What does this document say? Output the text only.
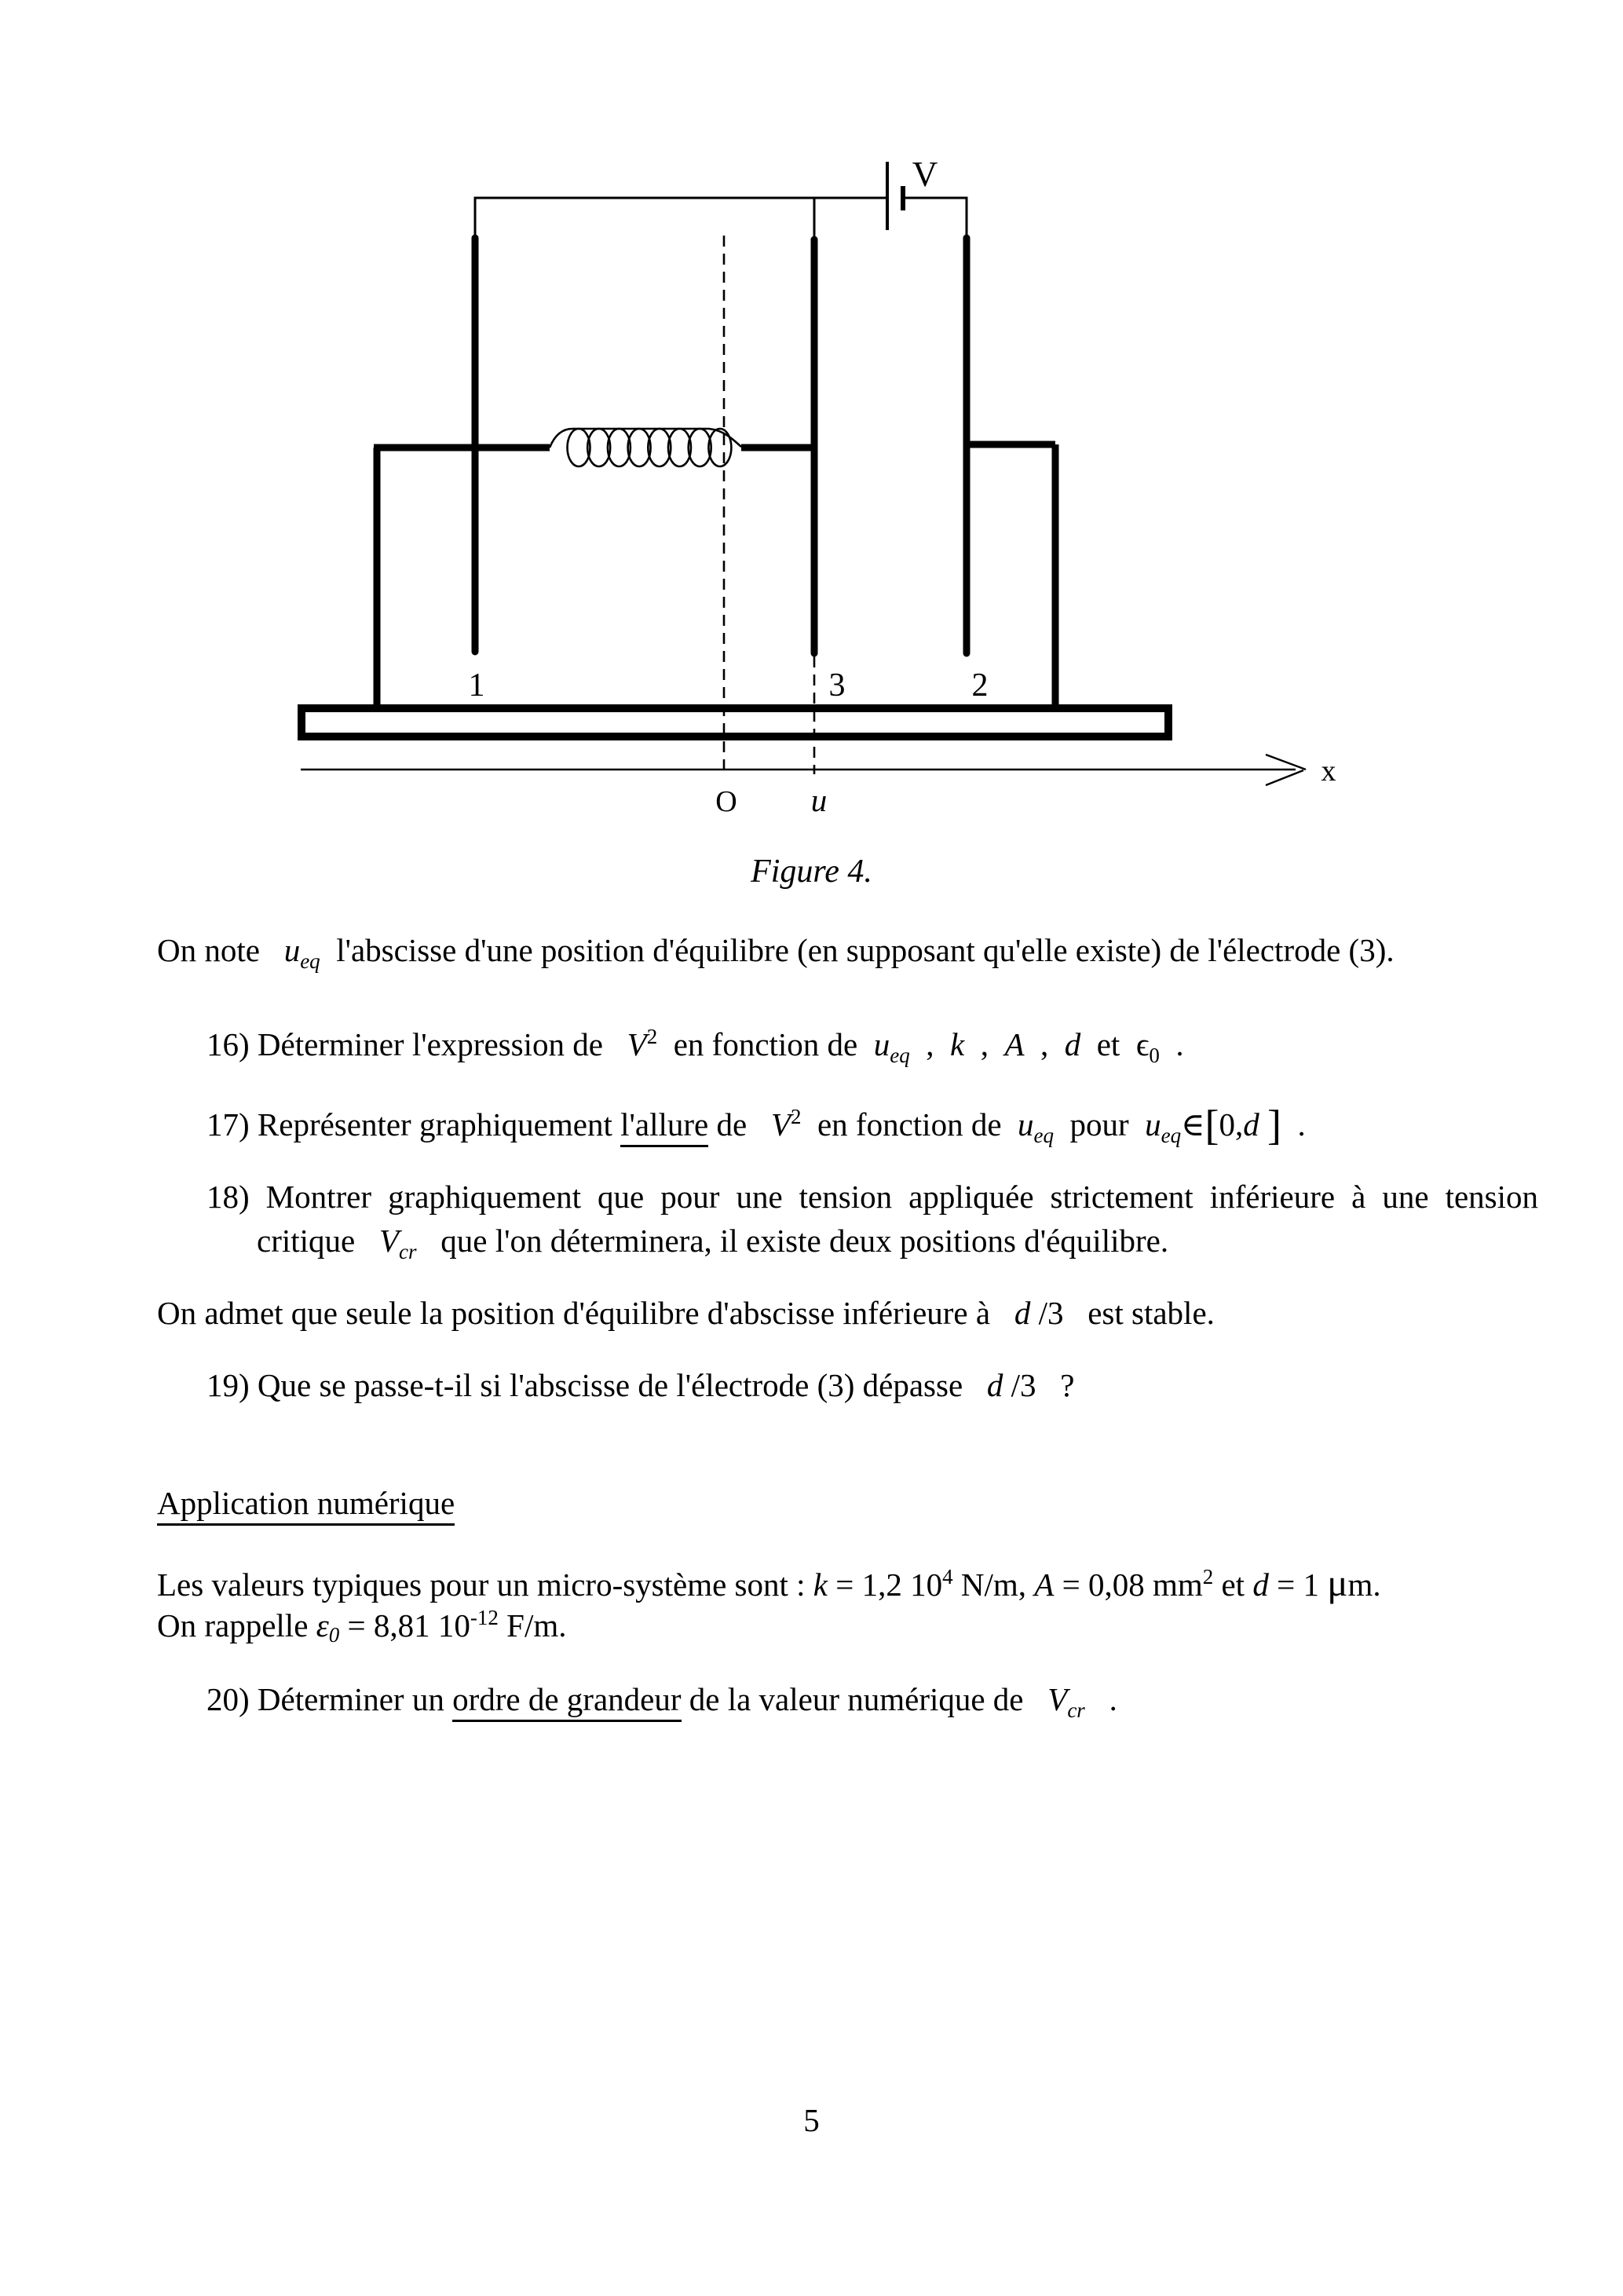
V
1	3	2
O u
x
Figure 4.
On note   $u_{eq}$  l'abscisse d'une position d'équilibre (en supposant qu'elle existe) de l'électrode (3).
16) Déterminer l'expression de   $V^2$  en fonction de  $u_{eq}$  ,  k  ,  A  ,  d  et  $\epsilon_0$  .
17) Représenter graphiquement l'allure de   $V^2$  en fonction de  $u_{eq}$  pour  $u_{eq}\in[0,d$ ]  .
18) Montrer graphiquement que pour une tension appliquée strictement inférieure à une tension critique   $V_{cr}$   que l'on déterminera, il existe deux positions d'équilibre.
On admet que seule la position d'équilibre d'abscisse inférieure à   d /3   est stable.
19) Que se passe-t-il si l'abscisse de l'électrode (3) dépasse   d /3   ?
Application numérique
Les valeurs typiques pour un micro-système sont : k = 1,2 $10^4$ N/m, A = 0,08 $mm^2$ et d = 1 μm.
On rappelle ε0 = 8,81 $10^{-12}$ F/m.
20) Déterminer un ordre de grandeur de la valeur numérique de   $V_{cr}$   .
5
